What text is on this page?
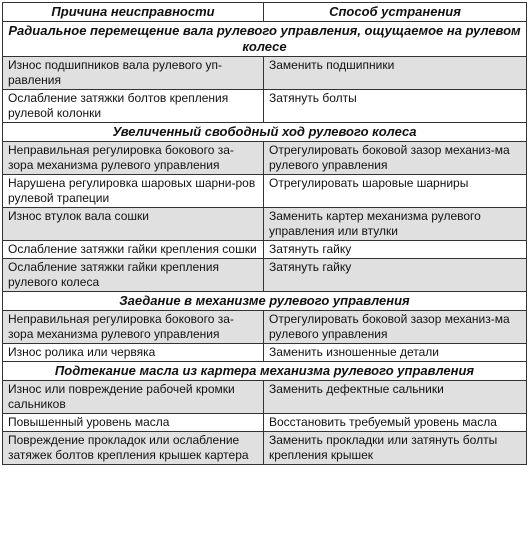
Причина неисправности	Способ устранения
Радиальное перемещение вала рулевого управления, ощущаемое на рулевом колесе	
Износ подшипников вала рулевого уп-равления	Заменить подшипники
Ослабление затяжки болтов крепления рулевой колонки	Затянуть болты
Увеличенный свободный ход рулевого колеса	
Неправильная регулировка бокового за-зора механизма рулевого управления	Отрегулировать боковой зазор механиз-ма рулевого управления
Нарушена регулировка шаровых шарни-ров рулевой трапеции	Отрегулировать шаровые шарниры
Износ втулок вала сошки	Заменить картер механизма рулевого управления или втулки
Ослабление затяжки гайки крепления сошки	Затянуть гайку
Ослабление затяжки гайки крепления рулевого колеса	Затянуть гайку
Заедание в механизме рулевого управления	
Неправильная регулировка бокового за-зора механизма рулевого управления	Отрегулировать боковой зазор механиз-ма рулевого управления
Износ ролика или червяка	Заменить изношенные детали
Подтекание масла из картера механизма рулевого управления	
Износ или повреждение рабочей кромки сальников	Заменить дефектные сальники
Повышенный уровень масла	Восстановить требуемый уровень масла
Повреждение прокладок или ослабление затяжек болтов крепления крышек картера	Заменить прокладки или затянуть болты крепления крышек
